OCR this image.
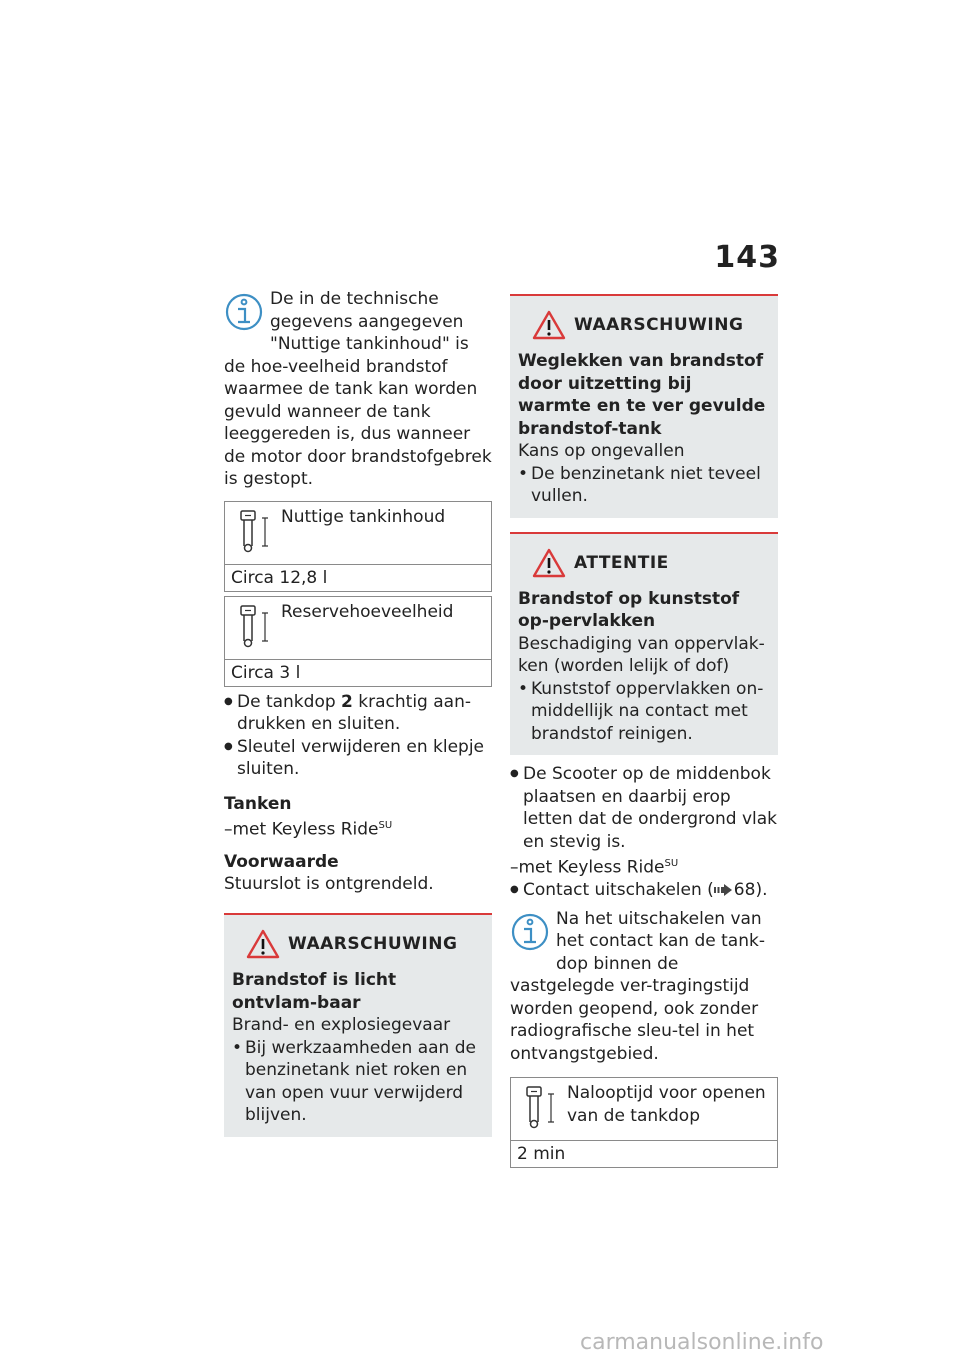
143

De in de technische gegevens aangegeven "Nuttige tankinhoud" is de hoe-veelheid brandstof waarmee de tank kan worden gevuld wanneer de tank leeggereden is, dus wanneer de motor door brandstofgebrek is gestopt.

Nuttige tankinhoud
Circa 12,8 l
Reservehoeveelheid
Circa 3 l
● De tankdop 2 krachtig aan-drukken en sluiten.
● Sleutel verwijderen en klepje sluiten.

Tanken

–met Keyless Ride$^{SU}$

Voorwaarde

Stuurslot is ontgrendeld.

WAARSCHUWING

Brandstof is licht ontvlam-baar

Brand- en explosiegevaar

• Bij werkzaamheden aan de benzinetank niet roken en van open vuur verwijderd blijven.
WAARSCHUWING

Weglekken van brandstof door uitzetting bij warmte en te ver gevulde brandstof-tank

Kans op ongevallen

• De benzinetank niet teveel vullen.
ATTENTIE

Brandstof op kunststof op-pervlakken

Beschadiging van oppervlak-ken (worden lelijk of dof)

• Kunststof oppervlakken on-middellijk na contact met brandstof reinigen.
● De Scooter op de middenbok plaatsen en daarbij erop letten dat de ondergrond vlak en stevig is.

–met Keyless Ride$^{SU}$

● Contact uitschakelen ( 68).

Na het uitschakelen van het contact kan de tank-dop binnen de vastgelegde ver-tragingstijd worden geopend, ook zonder radiografische sleu-tel in het ontvangstgebied.

Nalooptijd voor openen van de tankdop
2 min
carmanualsonline.info
